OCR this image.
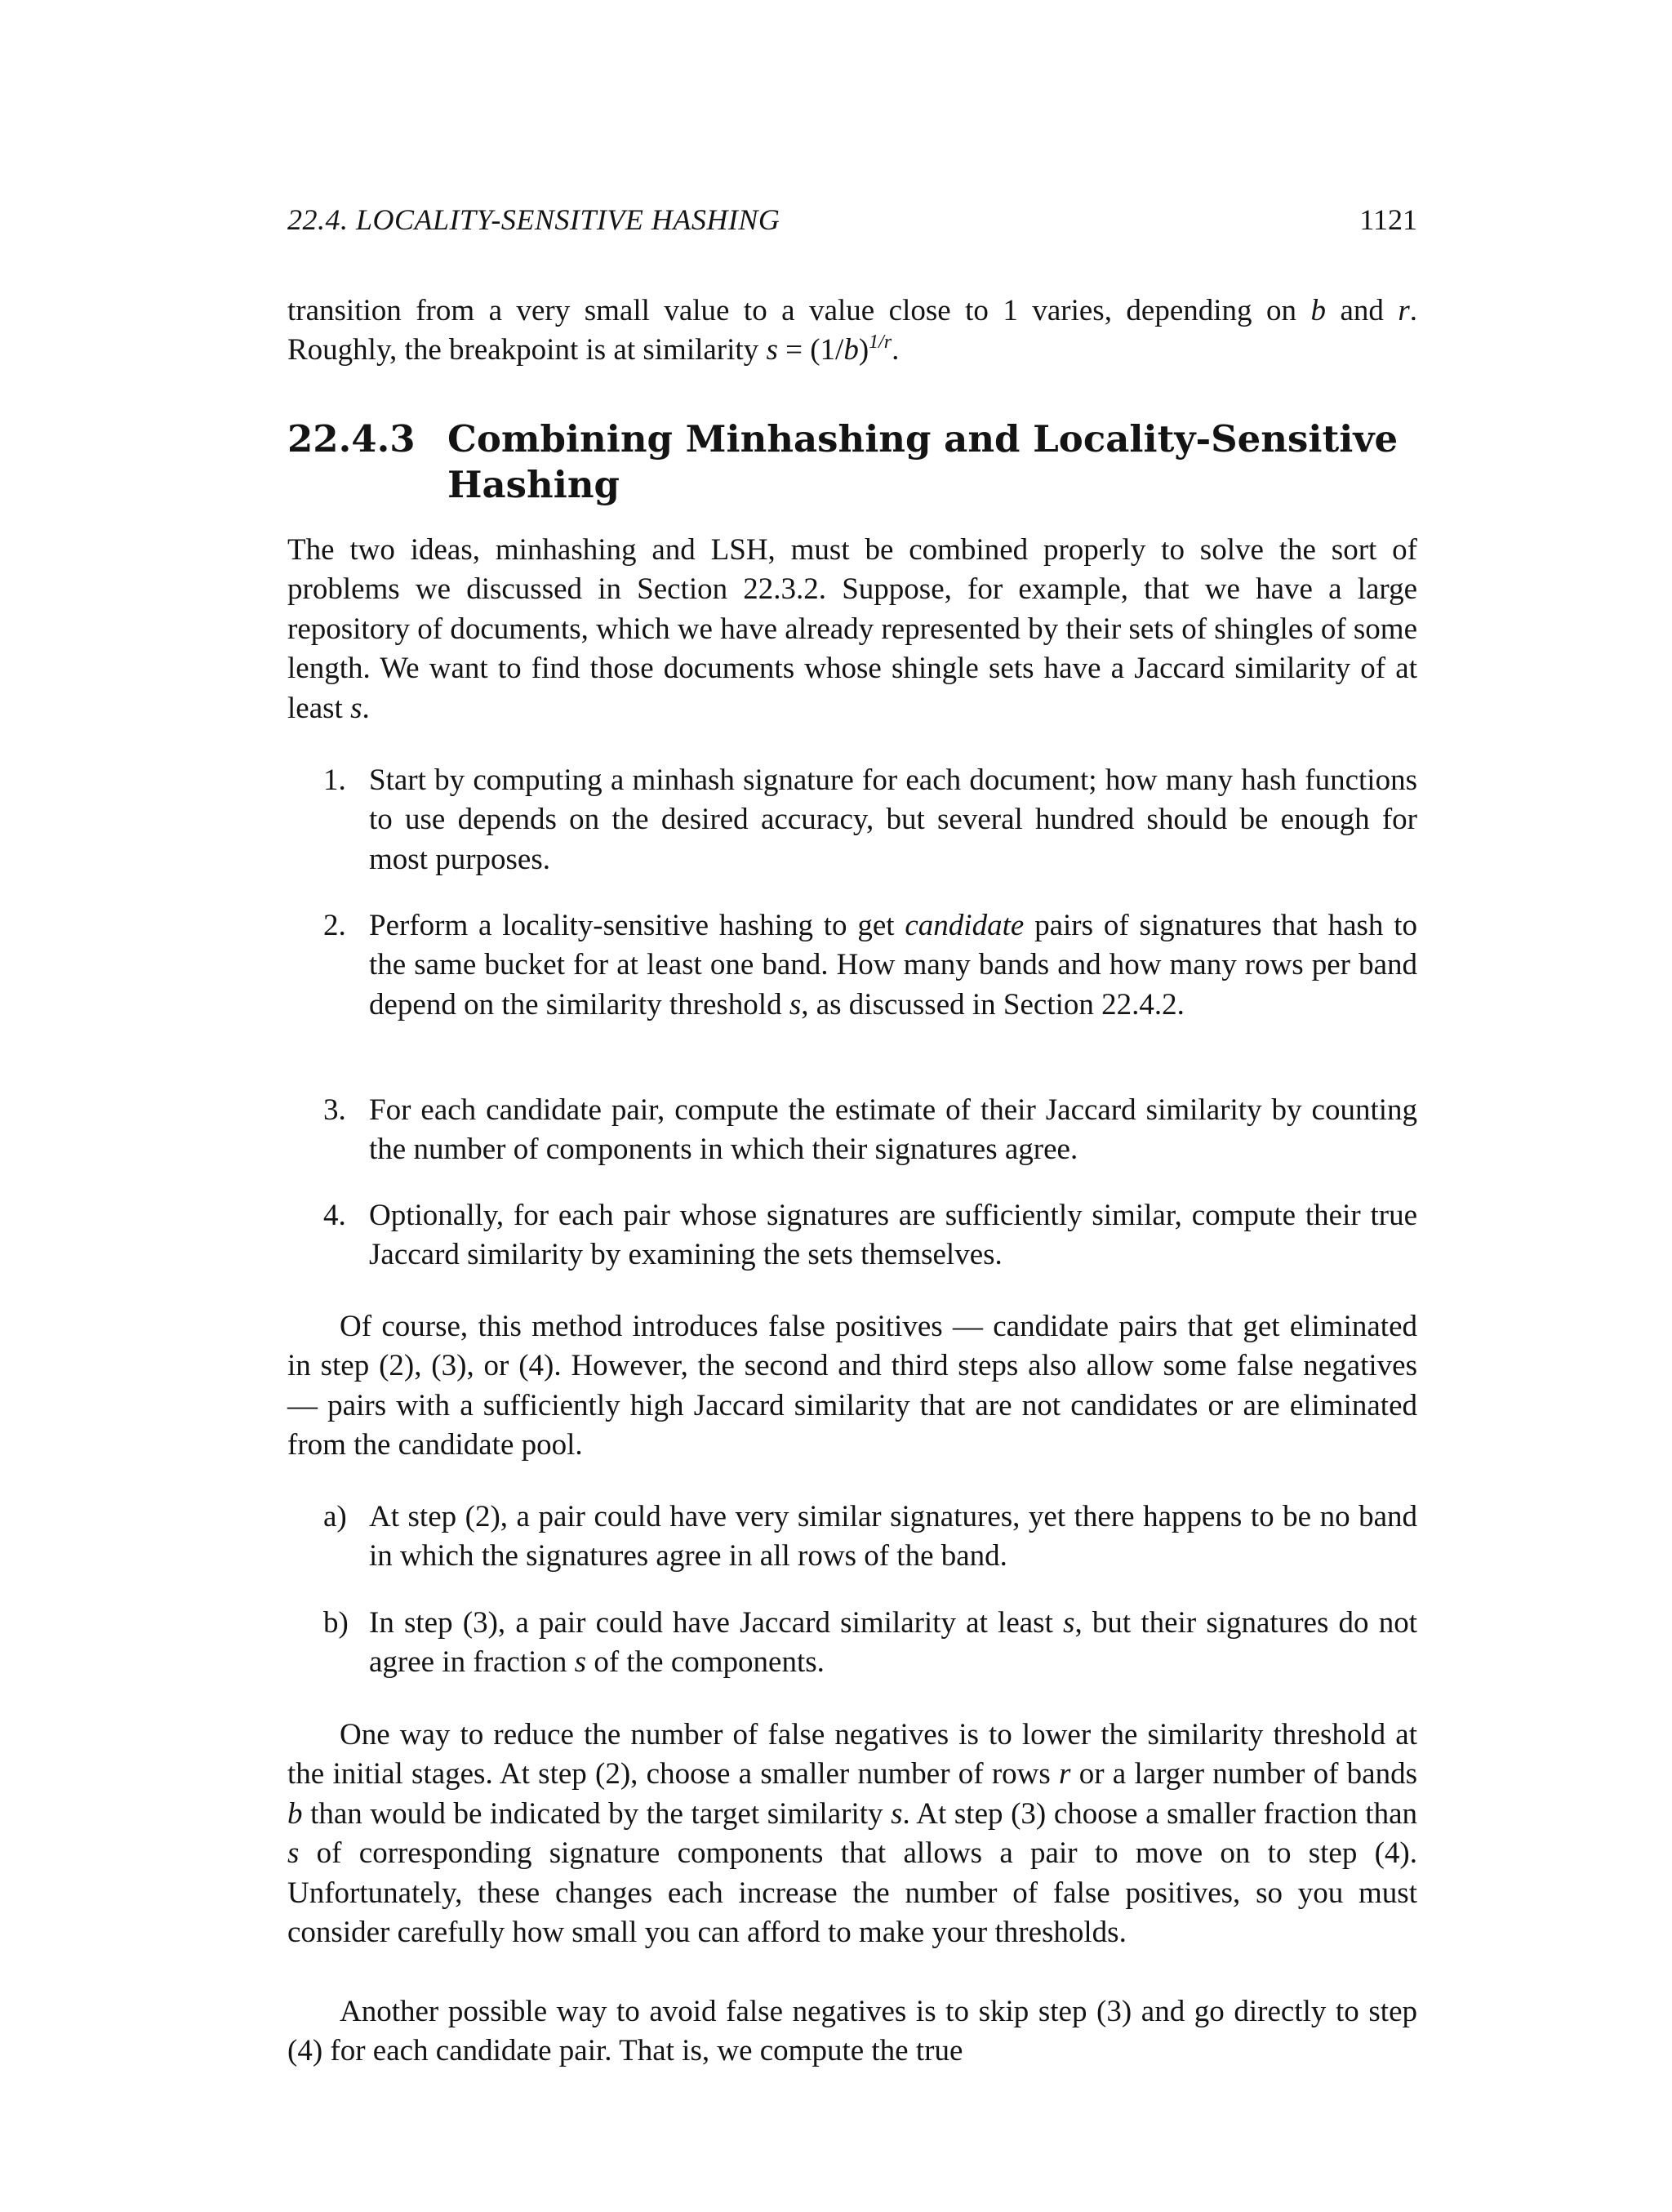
22.4. LOCALITY-SENSITIVE HASHING	1121

transition from a very small value to a value close to 1 varies, depending on b and r. Roughly, the breakpoint is at similarity $s = (1/b)^{1/r}$.

22.4.3 Combining Minhashing and Locality-Sensitive Hashing

The two ideas, minhashing and LSH, must be combined properly to solve the sort of problems we discussed in Section 22.3.2. Suppose, for example, that we have a large repository of documents, which we have already represented by their sets of shingles of some length. We want to find those documents whose shingle sets have a Jaccard similarity of at least s.

1. Start by computing a minhash signature for each document; how many hash functions to use depends on the desired accuracy, but several hundred should be enough for most purposes.
2. Perform a locality-sensitive hashing to get candidate pairs of signatures that hash to the same bucket for at least one band. How many bands and how many rows per band depend on the similarity threshold s, as discussed in Section 22.4.2.
3. For each candidate pair, compute the estimate of their Jaccard similarity by counting the number of components in which their signatures agree.
4. Optionally, for each pair whose signatures are sufficiently similar, compute their true Jaccard similarity by examining the sets themselves.

Of course, this method introduces false positives — candidate pairs that get eliminated in step (2), (3), or (4). However, the second and third steps also allow some false negatives — pairs with a sufficiently high Jaccard similarity that are not candidates or are eliminated from the candidate pool.

a) At step (2), a pair could have very similar signatures, yet there happens to be no band in which the signatures agree in all rows of the band.
b) In step (3), a pair could have Jaccard similarity at least s, but their signatures do not agree in fraction s of the components.

One way to reduce the number of false negatives is to lower the similarity threshold at the initial stages. At step (2), choose a smaller number of rows r or a larger number of bands b than would be indicated by the target similarity s. At step (3) choose a smaller fraction than s of corresponding signature components that allows a pair to move on to step (4). Unfortunately, these changes each increase the number of false positives, so you must consider carefully how small you can afford to make your thresholds.

Another possible way to avoid false negatives is to skip step (3) and go directly to step (4) for each candidate pair. That is, we compute the true
